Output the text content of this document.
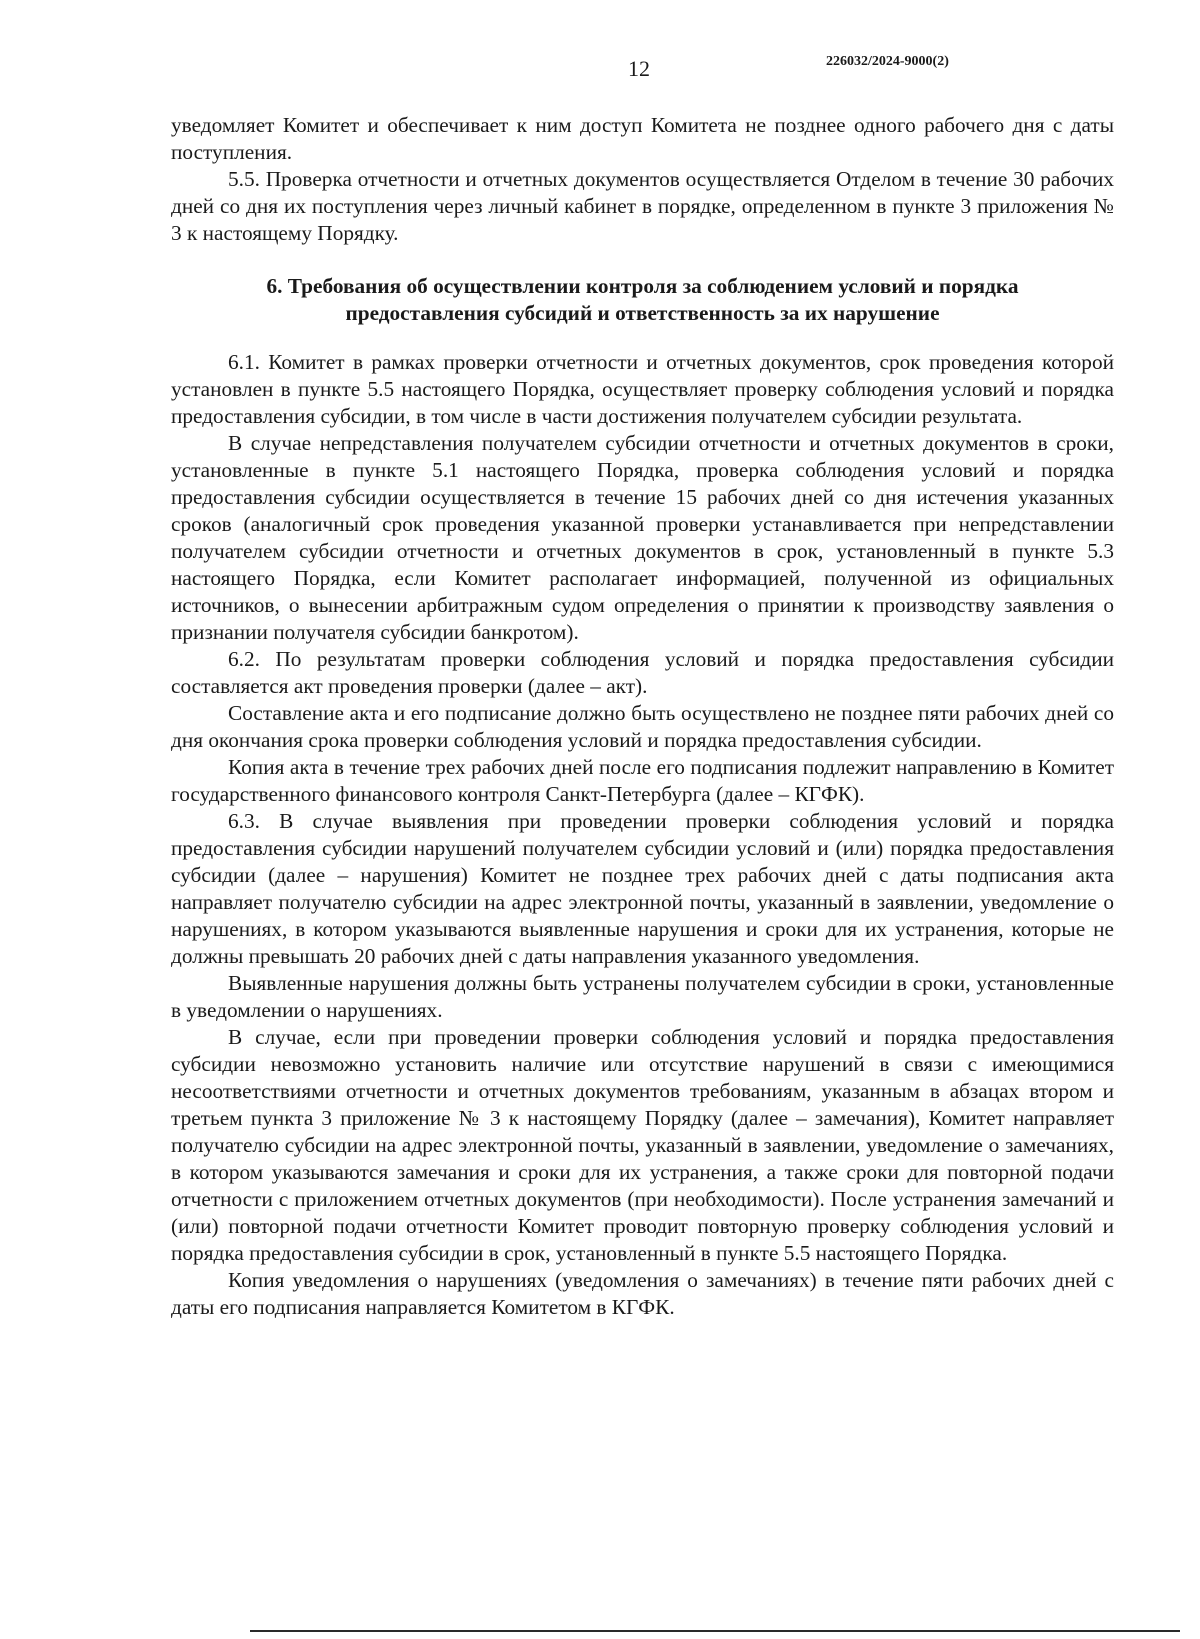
12	226032/2024-9000(2)

уведомляет Комитет и обеспечивает к ним доступ Комитета не позднее одного рабочего дня с даты поступления.

5.5. Проверка отчетности и отчетных документов осуществляется Отделом в течение 30 рабочих дней со дня их поступления через личный кабинет в порядке, определенном в пункте 3 приложения № 3 к настоящему Порядку.

6. Требования об осуществлении контроля за соблюдением условий и порядка предоставления субсидий и ответственность за их нарушение

6.1. Комитет в рамках проверки отчетности и отчетных документов, срок проведения которой установлен в пункте 5.5 настоящего Порядка, осуществляет проверку соблюдения условий и порядка предоставления субсидии, в том числе в части достижения получателем субсидии результата.

В случае непредставления получателем субсидии отчетности и отчетных документов в сроки, установленные в пункте 5.1 настоящего Порядка, проверка соблюдения условий и порядка предоставления субсидии осуществляется в течение 15 рабочих дней со дня истечения указанных сроков (аналогичный срок проведения указанной проверки устанавливается при непредставлении получателем субсидии отчетности и отчетных документов в срок, установленный в пункте 5.3 настоящего Порядка, если Комитет располагает информацией, полученной из официальных источников, о вынесении арбитражным судом определения о принятии к производству заявления о признании получателя субсидии банкротом).

6.2. По результатам проверки соблюдения условий и порядка предоставления субсидии составляется акт проведения проверки (далее – акт).

Составление акта и его подписание должно быть осуществлено не позднее пяти рабочих дней со дня окончания срока проверки соблюдения условий и порядка предоставления субсидии.

Копия акта в течение трех рабочих дней после его подписания подлежит направлению в Комитет государственного финансового контроля Санкт-Петербурга (далее – КГФК).

6.3. В случае выявления при проведении проверки соблюдения условий и порядка предоставления субсидии нарушений получателем субсидии условий и (или) порядка предоставления субсидии (далее – нарушения) Комитет не позднее трех рабочих дней с даты подписания акта направляет получателю субсидии на адрес электронной почты, указанный в заявлении, уведомление о нарушениях, в котором указываются выявленные нарушения и сроки для их устранения, которые не должны превышать 20 рабочих дней с даты направления указанного уведомления.

Выявленные нарушения должны быть устранены получателем субсидии в сроки, установленные в уведомлении о нарушениях.

В случае, если при проведении проверки соблюдения условий и порядка предоставления субсидии невозможно установить наличие или отсутствие нарушений в связи с имеющимися несоответствиями отчетности и отчетных документов требованиям, указанным в абзацах втором и третьем пункта 3 приложение № 3 к настоящему Порядку (далее – замечания), Комитет направляет получателю субсидии на адрес электронной почты, указанный в заявлении, уведомление о замечаниях, в котором указываются замечания и сроки для их устранения, а также сроки для повторной подачи отчетности с приложением отчетных документов (при необходимости). После устранения замечаний и (или) повторной подачи отчетности Комитет проводит повторную проверку соблюдения условий и порядка предоставления субсидии в срок, установленный в пункте 5.5 настоящего Порядка.

Копия уведомления о нарушениях (уведомления о замечаниях) в течение пяти рабочих дней с даты его подписания направляется Комитетом в КГФК.
